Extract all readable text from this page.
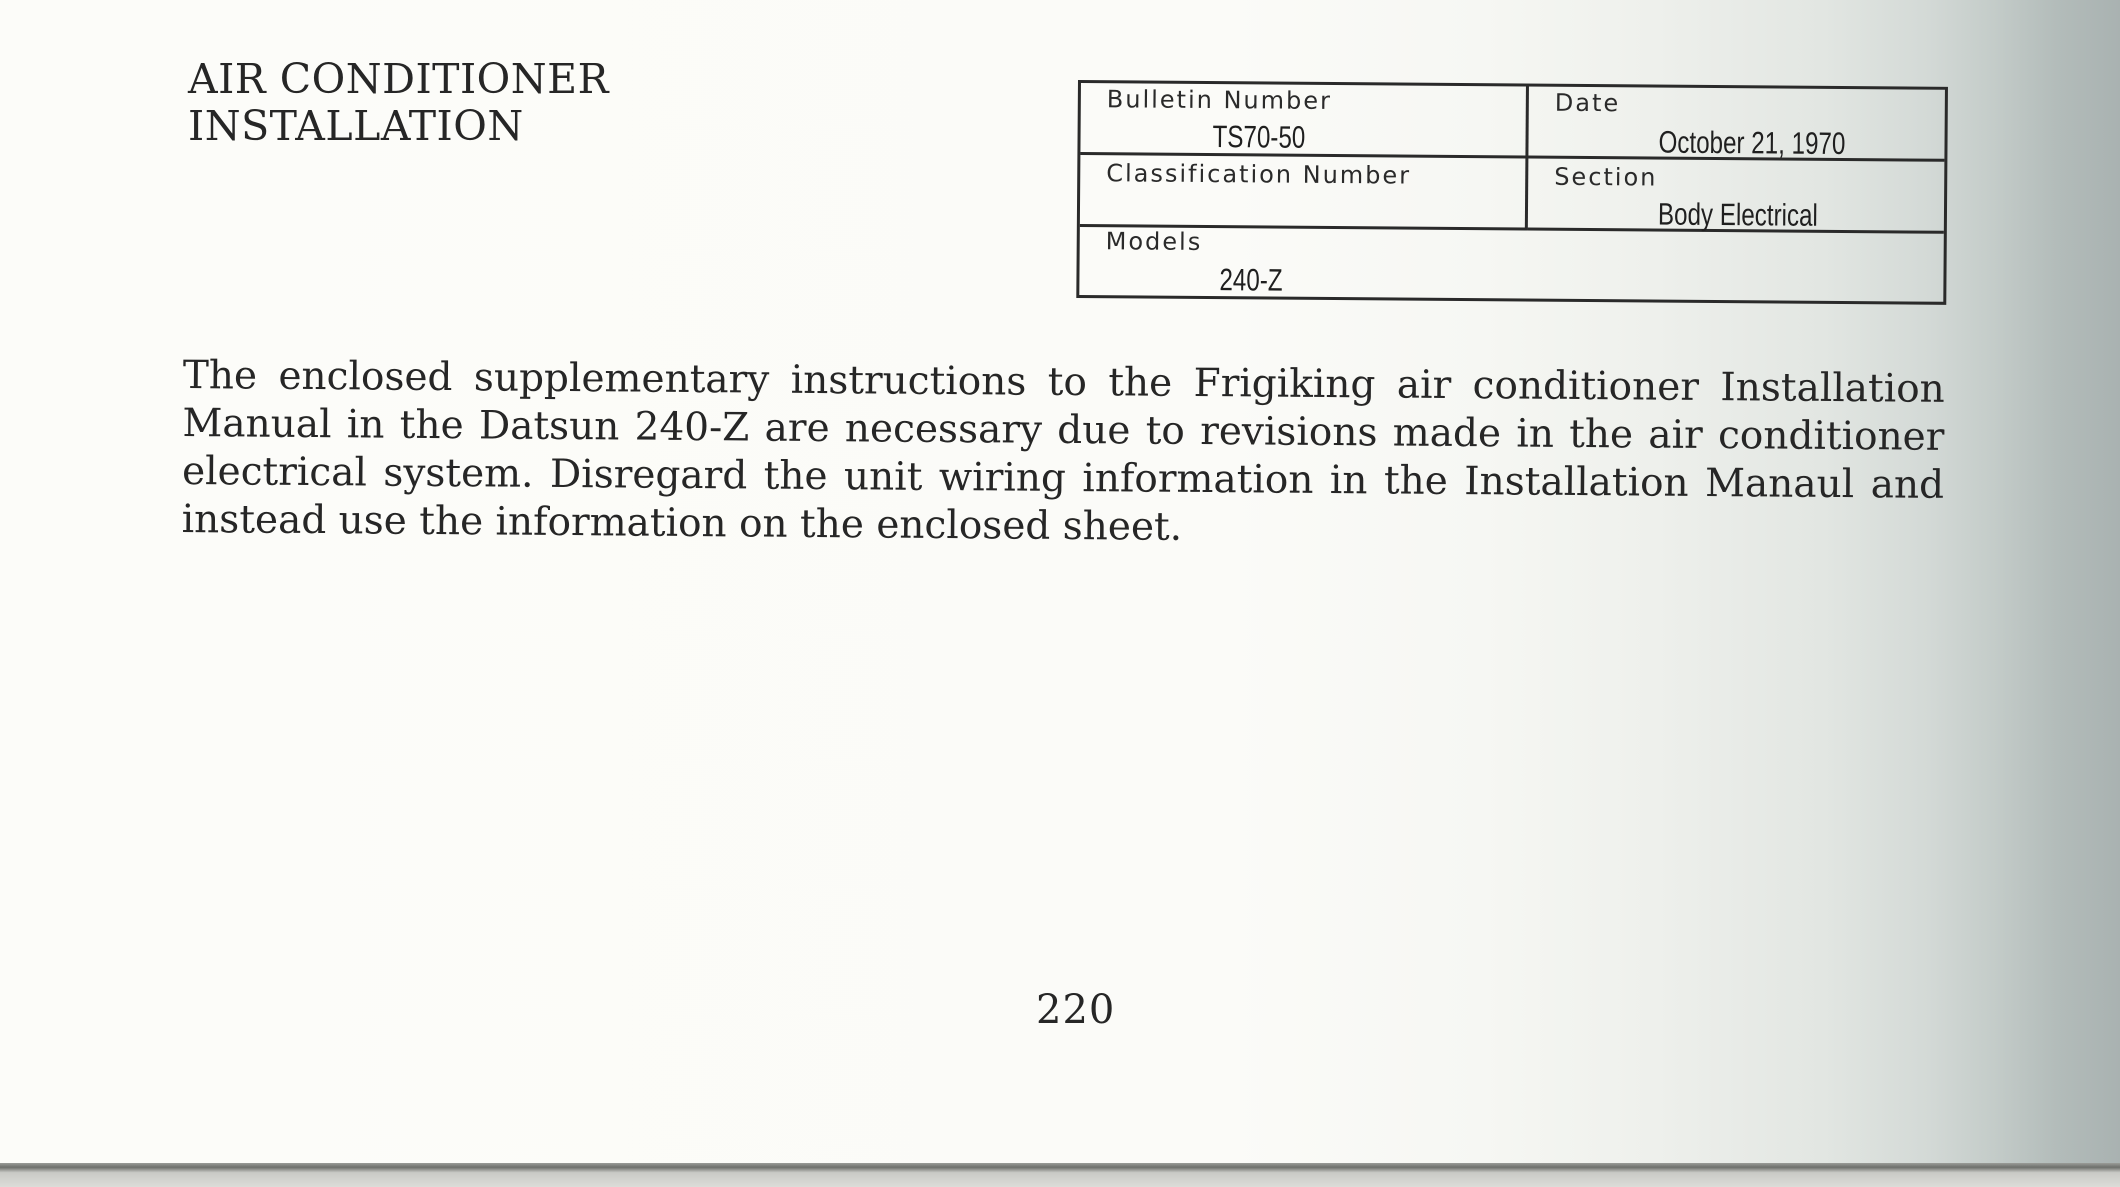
AIR CONDITIONER
INSTALLATION
Bulletin Number
TS70-50
Date
October 21, 1970
Classification Number	Section
Body Electrical
Models
240-Z

The enclosed supplementary instructions to the Frigiking air conditioner Installation Manual in the Datsun 240-Z are necessary due to revisions made in the air conditioner electrical system. Disregard the unit wiring information in the Installation Manaul and instead use the information on the enclosed sheet.

220
